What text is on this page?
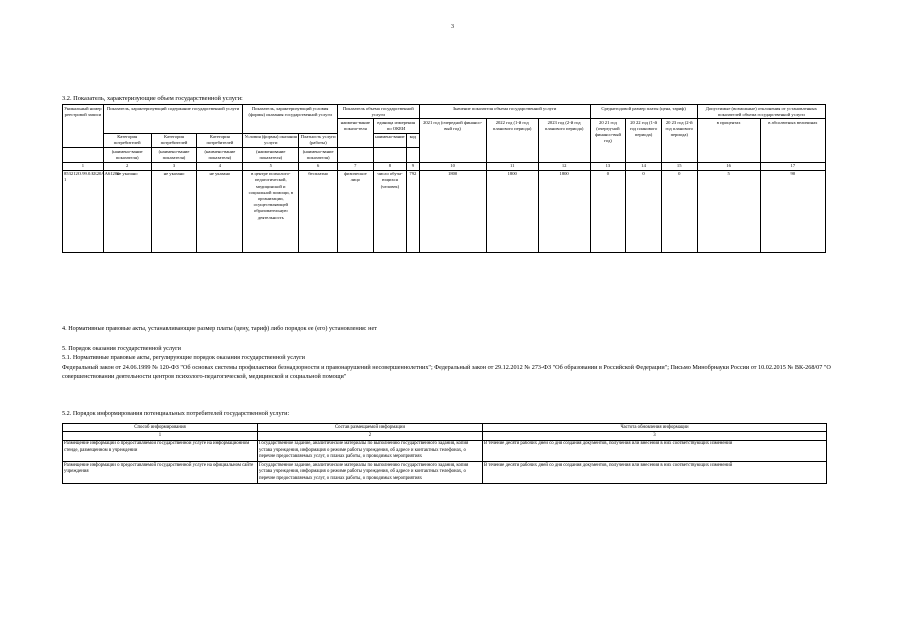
3
3.2. Показатель, характеризующие объем государственной услуги:
Уникальный номер реестровой записи	Показатель, характеризующий содержание государственной услуги			Показатель, характеризующий условия (формы) оказания государственной услуги		Показатель объема государственной услуги			Значение показателя объема государственной услуги			Среднегодовой размер платы (цена, тариф)			Допустимые (возможные) отклонения от установленных показателей объема государственной услуги	
						наимено-вание показа-теля	единица измерения по ОКЕИ		2021 год (очередной финансо-вый год)	2022 год (1-й год планового периода)	2023 год (2-й год планового периода)	20 21 год (очеред-ной финансо-вый год)	20 22 год (1-й год планового периода)	20 23 год (2-й год планового периода)	в процентах	в абсолютных величинах
	Категория потребителей	Категория потребителей	Категория потребителей	Условия (формы) оказания услуги	Платность услуги (работы)		наимено-вание	код								
	(наимено-вание показателя)	(наимено-вание показателя)	(наимено-вание показателя)	(наименование показателя)	(наимено-вание показателя)											
1	2	3	4	5	6	7	8	9	10	11	12	13	14	15	16	17
853212О.99.0.ББ20АА61200 1	не указано	не указано	не указано	в центре психолого-педагогической, медицинской и социальной помощи, в организации, осуществляющей образовательную деятельность	бесплатно	физическое лицо	число обуча-ющихся (человек)	792	1800	1800	1800	0	0	0	5	90
4. Нормативные правовые акты, устанавливающие размер платы (цену, тариф) либо порядок ее (его) установления: нет
5. Порядок оказания государственной услуги
5.1. Нормативные правовые акты, регулирующие порядок оказания государственной услуги
Федеральный закон от 24.06.1999 № 120-ФЗ "Об основах системы профилактики безнадзорности и правонарушений несовершеннолетних"; Федеральный закон от 29.12.2012 № 273-ФЗ "Об образовании в Российской Федерации"; Письмо Минобрнауки России от 10.02.2015 № ВК-268/07 "О совершенствовании деятельности центров психолого-педагогической, медицинской и социальной помощи"
5.2. Порядок информирования потенциальных потребителей государственной услуги:
Способ информирования	Состав размещаемой информации	Частота обновления информации
1	2	3
Размещение информации о предоставляемой государственной услуге на информационном стенде, размещенном в учреждении	Государственное задание, аналитические материалы по выполнению государственного задания, копия устава учреждения, информация о режиме работы учреждения, об адресе и контактных телефонах, о перечне предоставляемых услуг, о планах работы, о проводимых мероприятиях	В течение десяти рабочих дней со дня создания документов, получения или внесения в них соответствующих изменений
Размещение информации о предоставляемой государственной услуге на официальном сайте учреждения	Государственное задание, аналитические материалы по выполнению государственного задания, копия устава учреждения, информация о режиме работы учреждения, об адресе и контактных телефонах, о перечне предоставляемых услуг, о планах работы, о проводимых мероприятиях	В течение десяти рабочих дней со дня создания документов, получения или внесения в них соответствующих изменений
